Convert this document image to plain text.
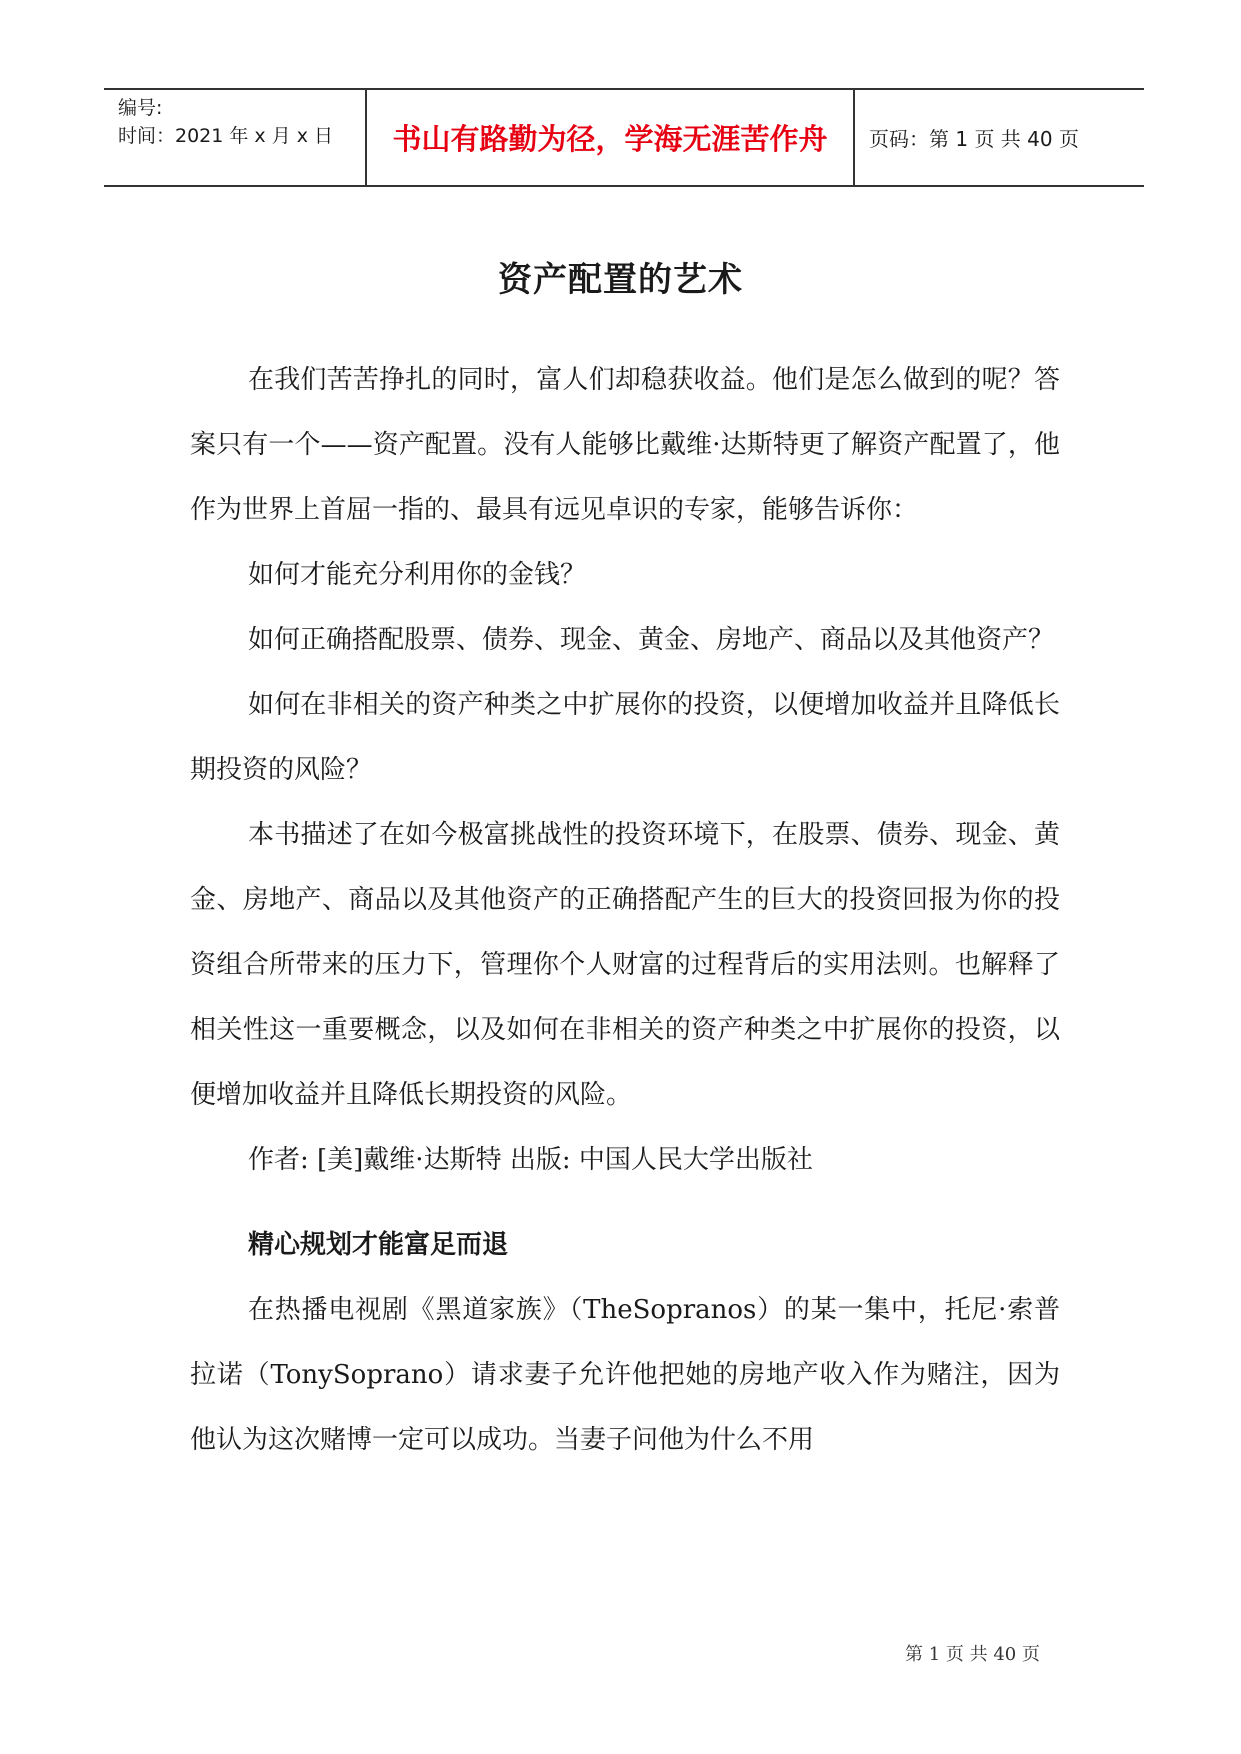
编号:
时间：2021 年 x 月 x 日	书山有路勤为径，学海无涯苦作舟	页码：第 1 页 共 40 页
资产配置的艺术

在我们苦苦挣扎的同时，富人们却稳获收益。他们是怎么做到的呢？答案只有一个——资产配置。没有人能够比戴维·达斯特更了解资产配置了，他作为世界上首屈一指的、最具有远见卓识的专家，能够告诉你：

如何才能充分利用你的金钱？

如何正确搭配股票、债券、现金、黄金、房地产、商品以及其他资产？

如何在非相关的资产种类之中扩展你的投资，以便增加收益并且降低长期投资的风险？

本书描述了在如今极富挑战性的投资环境下，在股票、债券、现金、黄金、房地产、商品以及其他资产的正确搭配产生的巨大的投资回报为你的投资组合所带来的压力下，管理你个人财富的过程背后的实用法则。也解释了相关性这一重要概念，以及如何在非相关的资产种类之中扩展你的投资，以便增加收益并且降低长期投资的风险。

作者: [美]戴维·达斯特 出版: 中国人民大学出版社

精心规划才能富足而退

在热播电视剧《黑道家族》（TheSopranos）的某一集中，托尼·索普拉诺（TonySoprano）请求妻子允许他把她的房地产收入作为赌注，因为他认为这次赌博一定可以成功。当妻子问他为什么不用

第 1 页 共 40 页
